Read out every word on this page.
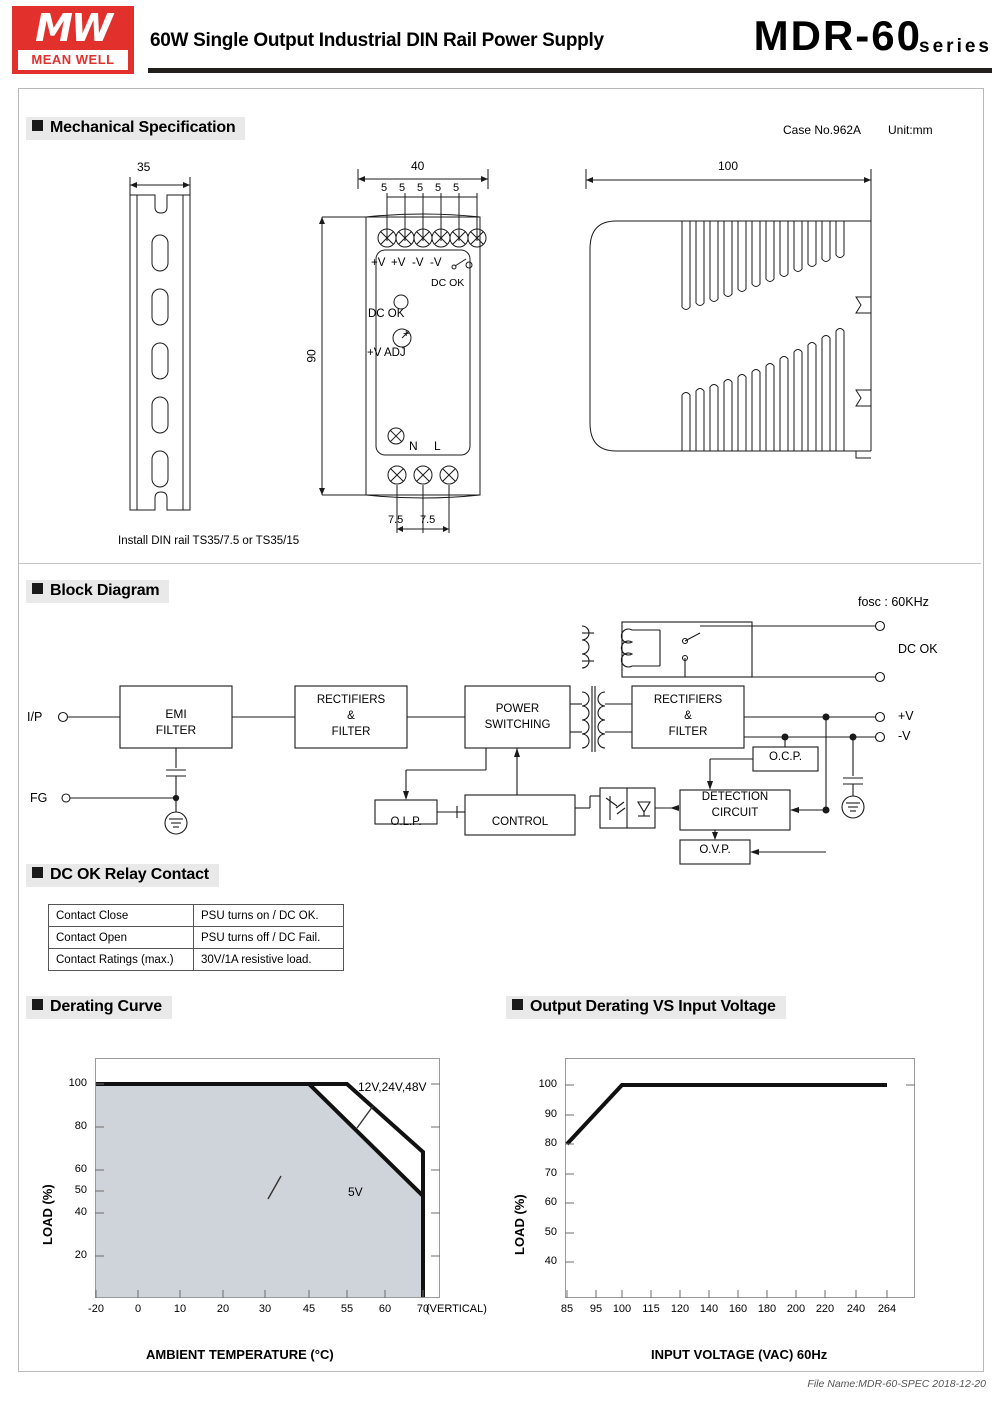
MW
MEAN WELL
60W Single Output Industrial DIN Rail Power Supply	MDR-60
series
Mechanical Specification	Case No.962A Unit:mm
35
Install DIN rail TS35/7.5 or TS35/15
40
90
5 5 5 5 5
7.5 7.5
+V +V -V -V
DC OK
DC OK
+
+V ADJ
N L
100
Block Diagram
I/P
FG
EMI
FILTER
RECTIFIERS
&
FILTER
POWER
SWITCHING
RECTIFIERS
&
FILTER
O.L.P.	CONTROL
O.C.P.
O.V.P.
DETECTION
CIRCUIT
fosc : 60KHz
DC OK
+V
-V
DC OK Relay Contact
Contact Close	PSU turns on / DC OK.
Contact Open	PSU turns off / DC Fail.
Contact Ratings (max.)	30V/1A resistive load.
Derating Curve
100
80
60
50
40
20
-20	0	10	20	30	45	55	60	70
(VERTICAL)
12V,24V,48V
5V
LOAD (%)
AMBIENT TEMPERATURE (°C)
Output Derating VS Input Voltage
100
90
80
70
60
50
40
85	95 100	115	120 140 160 180 200 220	240	264
LOAD (%)
INPUT VOLTAGE (VAC) 60Hz
File Name:MDR-60-SPEC 2018-12-20
